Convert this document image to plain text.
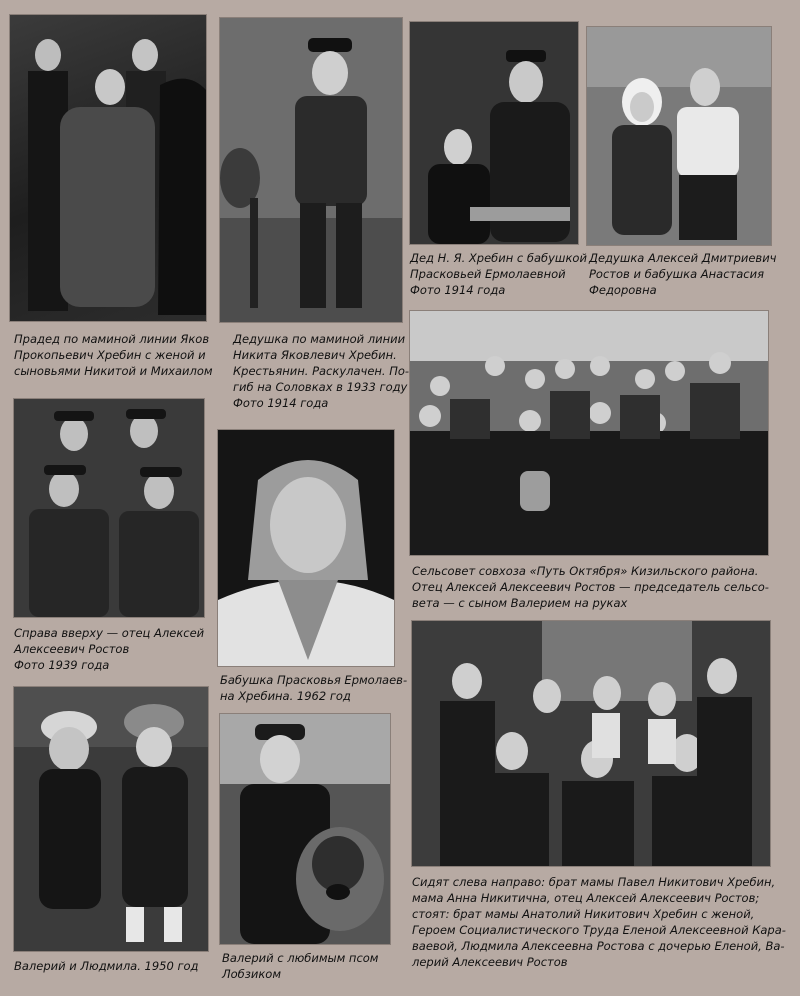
Прадед по маминой линии Яков
Прокопьевич Хребин с женой и
сыновьями Никитой и Михаилом
Дедушка по маминой линии
Никита Яковлевич Хребин.
Крестьянин. Раскулачен. По-
гиб на Соловках в 1933 году
Фото 1914 года
Дед Н. Я. Хребин с бабушкой
Прасковьей Ермолаевной
Фото 1914 года
Дедушка Алексей Дмитриевич
Ростов и бабушка Анастасия
Федоровна
Сельсовет совхоза «Путь Октября» Кизильского района.
Отец Алексей Алексеевич Ростов — председатель сельсо-
вета — с сыном Валерием на руках
Справа вверху — отец Алексей
Алексеевич Ростов
Фото 1939 года
Бабушка Прасковья Ермолаев-
на Хребина. 1962 год
Сидят слева направо: брат мамы Павел Никитович Хребин,
мама Анна Никитична, отец Алексей Алексеевич Ростов;
стоят: брат мамы Анатолий Никитович Хребин с женой,
Героем Социалистического Труда Еленой Алексеевной Кара-
ваевой, Людмила Алексеевна Ростова с дочерью Еленой, Ва-
лерий Алексеевич Ростов
Валерий и Людмила. 1950 год
Валерий с любимым псом
Лобзиком
